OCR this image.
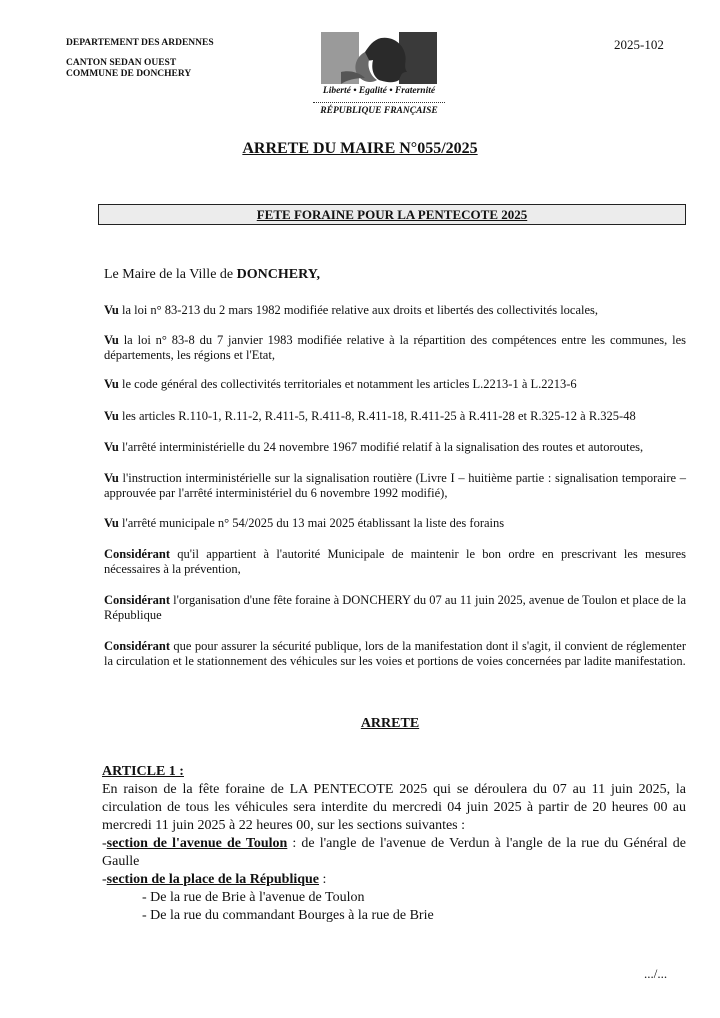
DEPARTEMENT DES ARDENNES
CANTON SEDAN OUEST
COMMUNE DE DONCHERY
2025-102
Liberté • Egalité • Fraternité
RÉPUBLIQUE FRANÇAISE
ARRETE DU MAIRE N°055/2025
FETE FORAINE POUR LA PENTECOTE 2025
Le Maire de la Ville de DONCHERY,
Vu la loi n° 83-213 du 2 mars 1982 modifiée relative aux droits et libertés des collectivités locales,
Vu la loi n° 83-8 du 7 janvier 1983 modifiée relative à la répartition des compétences entre les communes, les départements, les régions et l'Etat,
Vu le code général des collectivités territoriales et notamment les articles L.2213-1 à L.2213-6
Vu les articles R.110-1, R.11-2, R.411-5, R.411-8, R.411-18, R.411-25 à R.411-28 et R.325-12 à R.325-48
Vu l'arrêté interministérielle du 24 novembre 1967 modifié relatif à la signalisation des routes et autoroutes,
Vu l'instruction interministérielle sur la signalisation routière (Livre I – huitième partie : signalisation temporaire – approuvée par l'arrêté interministériel du 6 novembre 1992 modifié),
Vu l'arrêté municipale n° 54/2025 du 13 mai 2025 établissant la liste des forains
Considérant qu'il appartient à l'autorité Municipale de maintenir le bon ordre en prescrivant les mesures nécessaires à la prévention,
Considérant l'organisation d'une fête foraine à DONCHERY du 07 au 11 juin 2025, avenue de Toulon et place de la République
Considérant que pour assurer la sécurité publique, lors de la manifestation dont il s'agit, il convient de réglementer la circulation et le stationnement des véhicules sur les voies et portions de voies concernées par ladite manifestation.
ARRETE
ARTICLE 1 :
En raison de la fête foraine de LA PENTECOTE 2025 qui se déroulera du 07 au 11 juin 2025, la circulation de tous les véhicules sera interdite du mercredi 04 juin 2025 à partir de 20 heures 00 au mercredi 11 juin 2025 à 22 heures 00, sur les sections suivantes :
-section de l'avenue de Toulon : de l'angle de l'avenue de Verdun à l'angle de la rue du Général de Gaulle
-section de la place de la République :
- De la rue de Brie à l'avenue de Toulon
- De la rue du commandant Bourges à la rue de Brie
.../...
